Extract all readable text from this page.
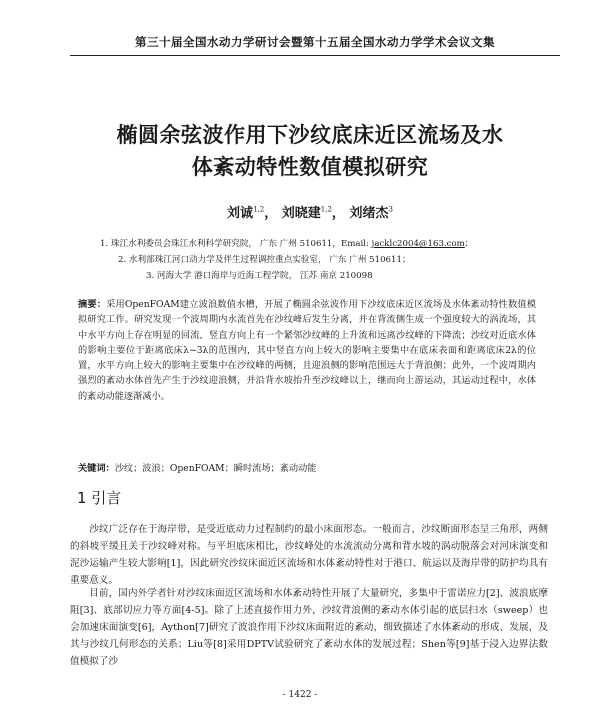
第三十届全国水动力学研讨会暨第十五届全国水动力学学术会议文集
椭圆余弦波作用下沙纹底床近区流场及水
体紊动特性数值模拟研究
刘诚$^{1,2}$， 刘晓建$^{1,2}$， 刘绪杰$^3$
1. 珠江水利委员会珠江水利科学研究院， 广东 广州 510611，Email: jacklc2004@163.com；
2. 水利部珠江河口动力学及伴生过程调控重点实验室， 广东 广州 510611；
3. 河海大学 港口海岸与近海工程学院， 江苏 南京 210098
摘要：采用OpenFOAM建立波浪数值水槽，开展了椭圆余弦波作用下沙纹底床近区流场及水体紊动特性数值模拟研究工作。研究发现一个波周期内水流首先在沙纹峰后发生分离，并在背流侧生成一个强度较大的涡流场，其中水平方向上存在明显的回流，竖直方向上有一个紧邻沙纹峰的上升流和远离沙纹峰的下降流；沙纹对近底水体的影响主要位于距离底床λ~3λ的范围内，其中竖直方向上较大的影响主要集中在底床表面和距离底床2λ的位置，水平方向上较大的影响主要集中在沙纹峰的两侧，且迎浪侧的影响范围远大于背浪侧；此外，一个波周期内强烈的紊动水体首先产生于沙纹迎浪侧，并沿背水坡抬升至沙纹峰以上，继而向上游运动，其运动过程中，水体的紊动动能逐渐减小。
关键词：沙纹；波浪；OpenFOAM；瞬时流场；紊动动能
1 引言
沙纹广泛存在于海岸带，是受近底动力过程制约的最小床面形态。一般而言，沙纹断面形态呈三角形，两侧的斜坡平缓且关于沙纹峰对称。与平坦底床相比，沙纹峰处的水流流动分离和背水坡的涡动脱落会对河床演变和泥沙运输产生较大影响[1]，因此研究沙纹床面近区流场和水体紊动特性对于港口、航运以及海岸带的防护均具有重要意义。
目前，国内外学者针对沙纹床面近区流场和水体紊动特性开展了大量研究，多集中于雷诺应力[2]、波浪底摩阻[3]、底部切应力等方面[4-5]。除了上述直接作用力外，沙纹背浪侧的紊动水体引起的底层扫水（sweep）也会加速床面演变[6]，Aython[7]研究了波浪作用下沙纹床面附近的紊动，细致描述了水体紊动的形成、发展，及其与沙纹几何形态的关系；Liu等[8]采用DPTV试验研究了紊动水体的发展过程；Shen等[9]基于浸入边界法数值模拟了沙
- 1422 -
